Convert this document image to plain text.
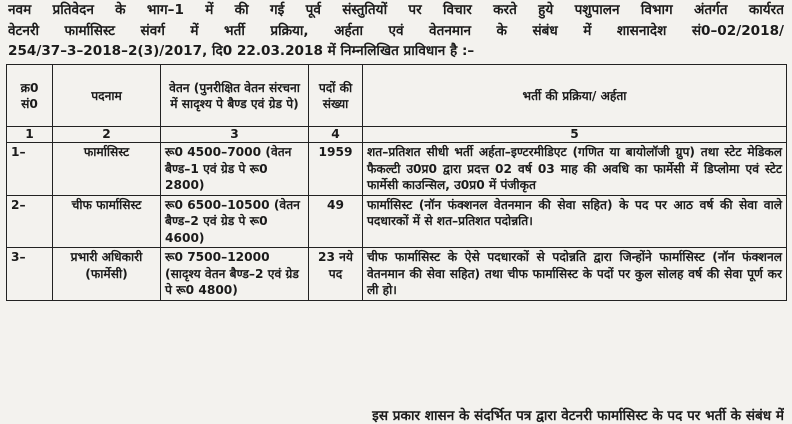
नवम प्रतिवेदन के भाग–1 में की गई पूर्व संस्तुतियों पर विचार करते हुये पशुपालन विभाग अंतर्गत कार्यरत
वेटनरी फार्मासिस्ट संवर्ग में भर्ती प्रक्रिया, अर्हता एवं वेतनमान के संबंध में शासनादेश सं0–02/2018/
254/37–3–2018–2(3)/2017, दि0 22.03.2018 में निम्नलिखित प्राविधान है :–
क्र0 सं0	पदनाम	वेतन (पुनरीक्षित वेतन संरचना में सादृश्य पे बैण्ड एवं ग्रेड पे)	पदों की संख्या	भर्ती की प्रक्रिया/ अर्हता
1	2	3	4	5
1–	फार्मासिस्ट	रू0 4500–7000 (वेतन बैण्ड–1 एवं ग्रेड पे रू0 2800)	1959	शत–प्रतिशत सीधी भर्ती अर्हता–इण्टरमीडिएट (गणित या बायोलॉजी ग्रुप) तथा स्टेट मेडिकल फैकल्टी उ0प्र0 द्वारा प्रदत्त 02 वर्ष 03 माह की अवधि का फार्मेसी में डिप्लोमा एवं स्टेट फार्मेसी काउन्सिल, उ0प्र0 में पंजीकृत
2–	चीफ फार्मासिस्ट	रू0 6500–10500 (वेतन बैण्ड–2 एवं ग्रेड पे रू0 4600)	49	फार्मासिस्ट (नॉन फंक्शनल वेतनमान की सेवा सहित) के पद पर आठ वर्ष की सेवा वाले पदधारकों में से शत–प्रतिशत पदोन्नति।
3–	प्रभारी अधिकारी (फार्मेसी)	रू0 7500–12000 (सादृश्य वेतन बैण्ड–2 एवं ग्रेड पे रू0 4800)	23 नये पद	चीफ फार्मासिस्ट के ऐसे पदधारकों से पदोन्नति द्वारा जिन्होंने फार्मासिस्ट (नॉन फंक्शनल वेतनमान की सेवा सहित) तथा चीफ फार्मासिस्ट के पदों पर कुल सोलह वर्ष की सेवा पूर्ण कर ली हो।
इस प्रकार शासन के संदर्भित पत्र द्वारा वेटनरी फार्मासिस्ट के पद पर भर्ती के संबंध में
